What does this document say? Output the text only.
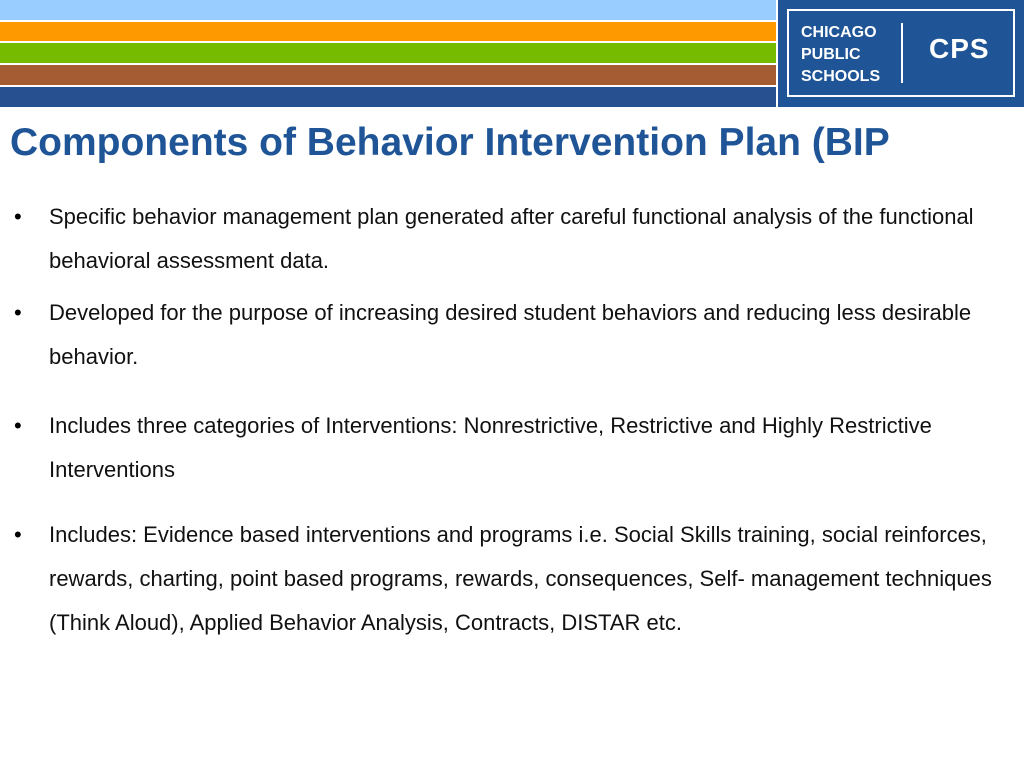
CHICAGO
PUBLIC
SCHOOLS
CPS
Components of Behavior Intervention Plan (BIP
• Specific behavior management plan generated after careful functional analysis of the functional behavioral assessment data.
• Developed for the purpose of increasing desired student behaviors and reducing less desirable behavior.
• Includes three categories of Interventions: Nonrestrictive, Restrictive and Highly Restrictive Interventions
• Includes: Evidence based interventions and programs i.e. Social Skills training, social reinforces, rewards, charting, point based programs, rewards, consequences, Self- management techniques (Think Aloud), Applied Behavior Analysis, Contracts, DISTAR etc.
